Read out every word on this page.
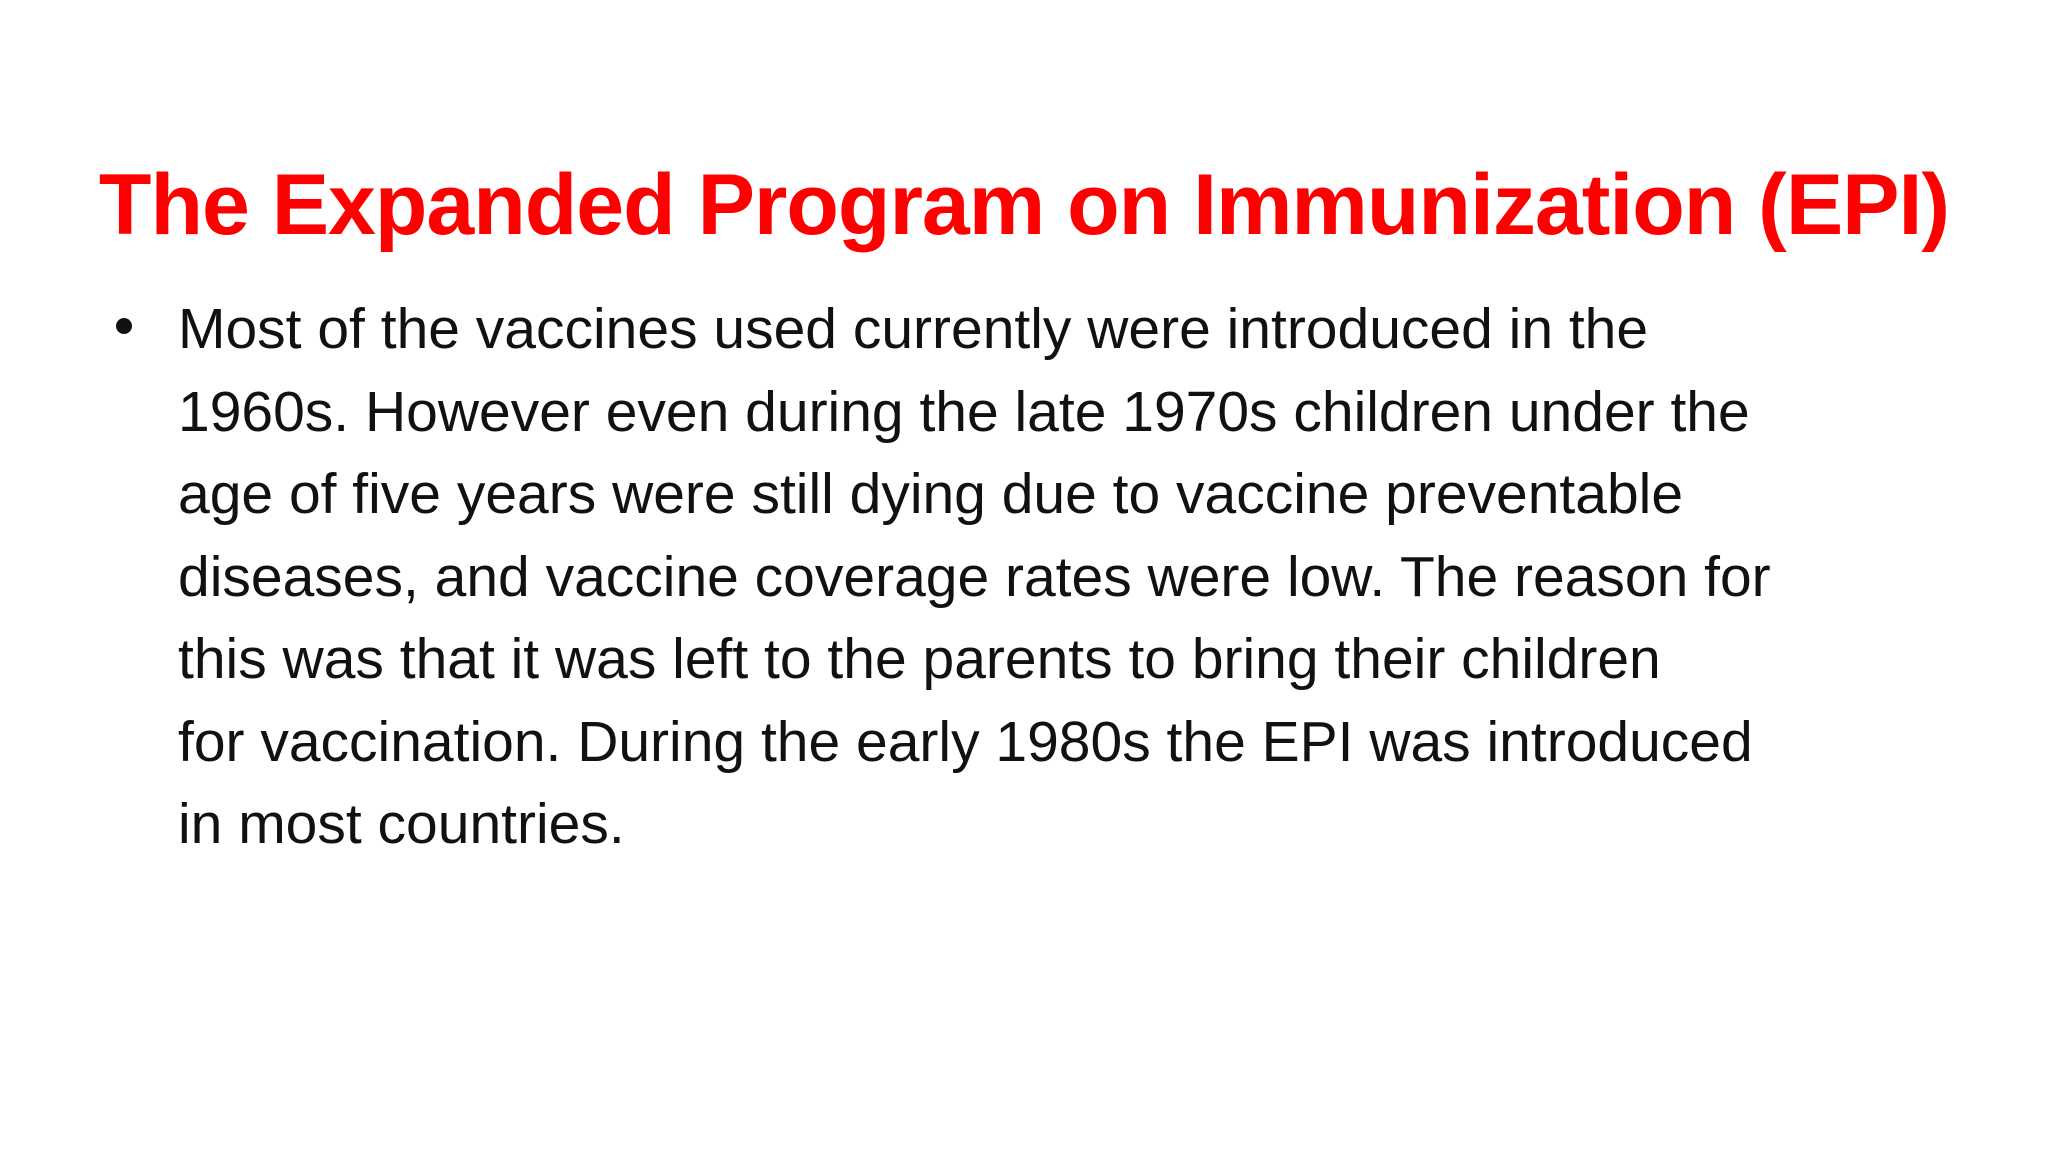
The Expanded Program on Immunization (EPI)
Most of the vaccines used currently were introduced in the
1960s. However even during the late 1970s children under the
age of five years were still dying due to vaccine preventable
diseases, and vaccine coverage rates were low. The reason for
this was that it was left to the parents to bring their children
for vaccination. During the early 1980s the EPI was introduced
in most countries.
